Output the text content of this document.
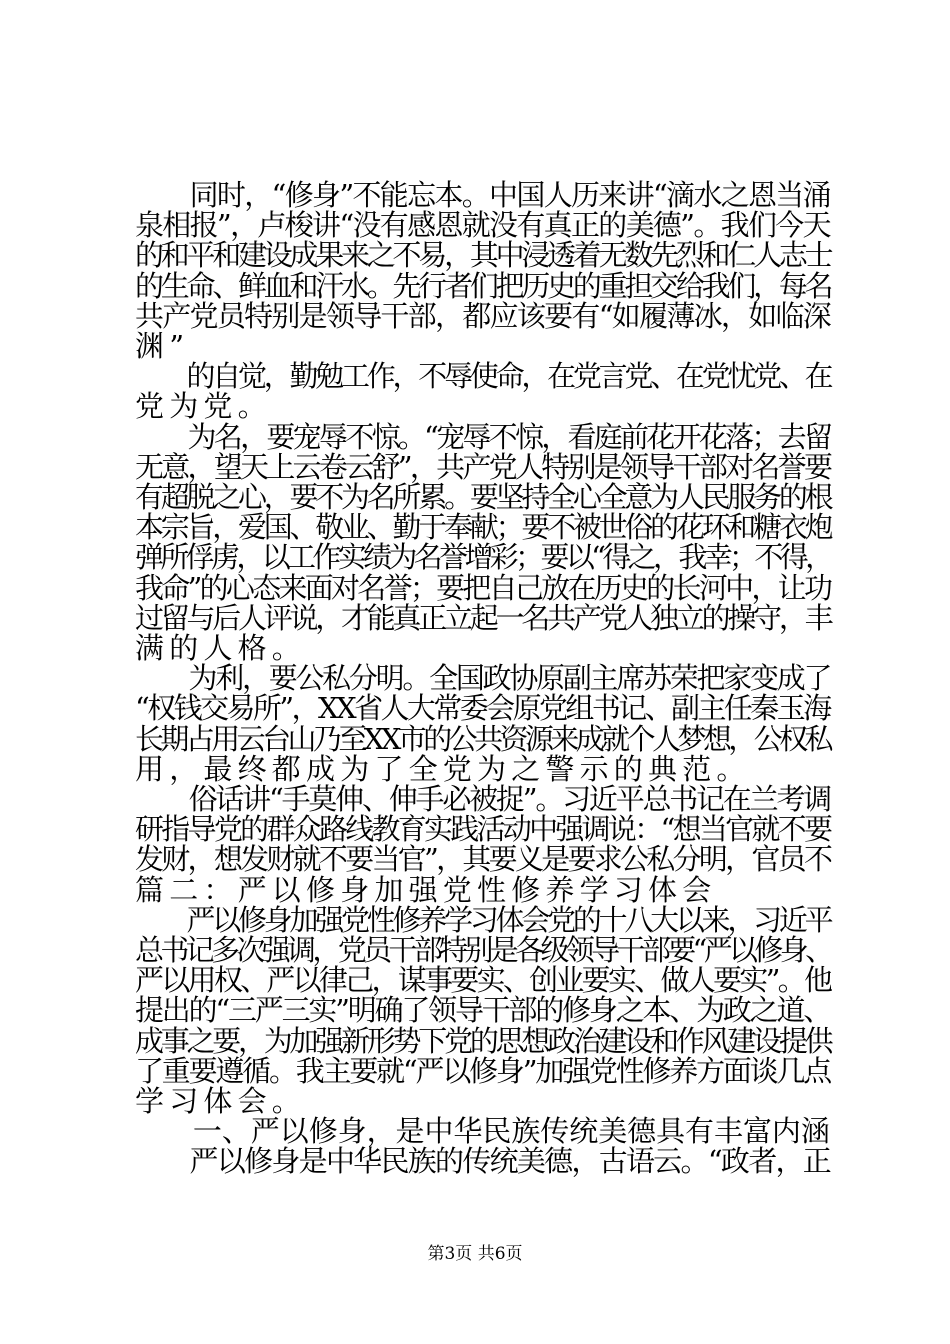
　　同时，“修身”不能忘本。中国人历来讲“滴水之恩当涌
泉相报”，卢梭讲“没有感恩就没有真正的美德”。我们今天
的和平和建设成果来之不易，其中浸透着无数先烈和仁人志士
的生命、鲜血和汗水。先行者们把历史的重担交给我们，每名
共产党员特别是领导干部，都应该要有“如履薄冰，如临深
渊”
　　的自觉，勤勉工作，不辱使命，在党言党、在党忧党、在
党为党。
　　为名，要宠辱不惊。“宠辱不惊，看庭前花开花落；去留
无意，望天上云卷云舒”，共产党人特别是领导干部对名誉要
有超脱之心，要不为名所累。要坚持全心全意为人民服务的根
本宗旨，爱国、敬业、勤于奉献；要不被世俗的花环和糖衣炮
弹所俘虏，以工作实绩为名誉增彩；要以“得之，我幸；不得，
我命”的心态来面对名誉；要把自己放在历史的长河中，让功
过留与后人评说，才能真正立起一名共产党人独立的操守，丰
满的人格。
　　为利，要公私分明。全国政协原副主席苏荣把家变成了
“权钱交易所”，XX省人大常委会原党组书记、副主任秦玉海
长期占用云台山乃至XX市的公共资源来成就个人梦想，公权私
用，最终都成为了全党为之警示的典范。
　　俗话讲“手莫伸、伸手必被捉”。习近平总书记在兰考调
研指导党的群众路线教育实践活动中强调说：“想当官就不要
发财，想发财就不要当官”，其要义是要求公私分明，官员不
篇二：严以修身加强党性修养学习体会
　　严以修身加强党性修养学习体会党的十八大以来，习近平
总书记多次强调，党员干部特别是各级领导干部要“严以修身、
严以用权、严以律己，谋事要实、创业要实、做人要实”。他
提出的“三严三实”明确了领导干部的修身之本、为政之道、
成事之要，为加强新形势下党的思想政治建设和作风建设提供
了重要遵循。我主要就“严以修身”加强党性修养方面谈几点
学习体会。
　　一、严以修身，是中华民族传统美德具有丰富内涵
　　严以修身是中华民族的传统美德，古语云。“政者，正
第3页 共6页
